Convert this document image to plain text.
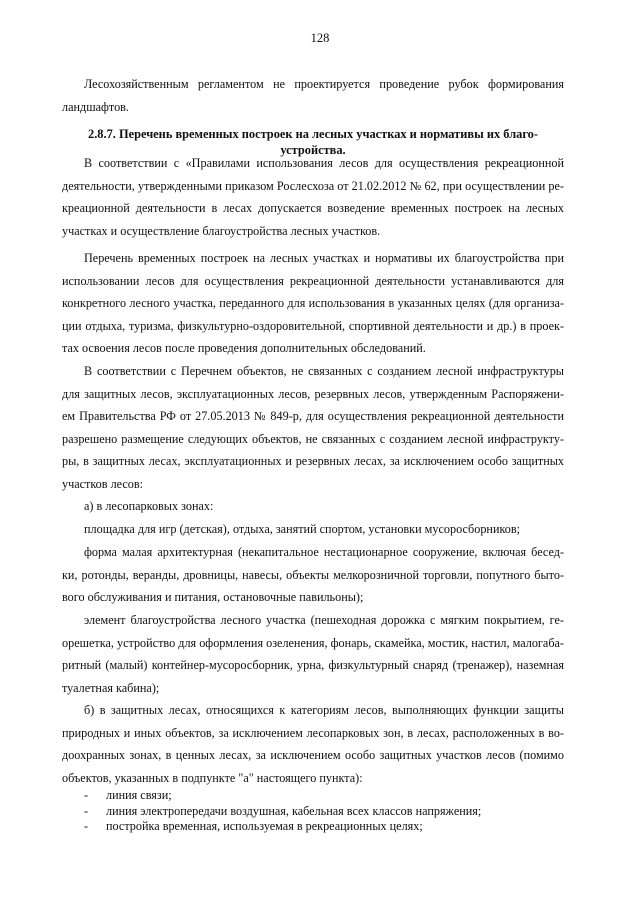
128
Лесохозяйственным регламентом не проектируется проведение рубок формирования
ландшафтов.
2.8.7. Перечень временных построек на лесных участках и нормативы их благо-
устройства.
В соответствии с «Правилами использования лесов для осуществления рекреационной
деятельности, утвержденными приказом Рослесхоза от 21.02.2012 № 62, при осуществлении ре-
креационной деятельности в лесах допускается возведение временных построек на лесных
участках и осуществление благоустройства лесных участков.
Перечень временных построек на лесных участках и нормативы их благоустройства при
использовании лесов для осуществления рекреационной деятельности устанавливаются для
конкретного лесного участка, переданного для использования в указанных целях (для организа-
ции отдыха, туризма, физкультурно-оздоровительной, спортивной деятельности и др.) в проек-
тах освоения лесов после проведения дополнительных обследований.
В соответствии с Перечнем объектов, не связанных с созданием лесной инфраструктуры
для защитных лесов, эксплуатационных лесов, резервных лесов, утвержденным Распоряжени-
ем Правительства РФ от 27.05.2013 № 849-р, для осуществления рекреационной деятельности
разрешено размещение следующих объектов, не связанных с созданием лесной инфраструкту-
ры, в защитных лесах, эксплуатационных и резервных лесах, за исключением особо защитных
участков лесов:
а) в лесопарковых зонах:
площадка для игр (детская), отдыха, занятий спортом, установки мусоросборников;
форма малая архитектурная (некапитальное нестационарное сооружение, включая бесед-
ки, ротонды, веранды, дровницы, навесы, объекты мелкорозничной торговли, попутного быто-
вого обслуживания и питания, остановочные павильоны);
элемент благоустройства лесного участка (пешеходная дорожка с мягким покрытием, ге-
орешетка, устройство для оформления озеленения, фонарь, скамейка, мостик, настил, малогаба-
ритный (малый) контейнер-мусоросборник, урна, физкультурный снаряд (тренажер), наземная
туалетная кабина);
б) в защитных лесах, относящихся к категориям лесов, выполняющих функции защиты
природных и иных объектов, за исключением лесопарковых зон, в лесах, расположенных в во-
доохранных зонах, в ценных лесах, за исключением особо защитных участков лесов (помимо
объектов, указанных в подпункте "а" настоящего пункта):
-	линия связи;
-	линия электропередачи воздушная, кабельная всех классов напряжения;
-	постройка временная, используемая в рекреационных целях;
